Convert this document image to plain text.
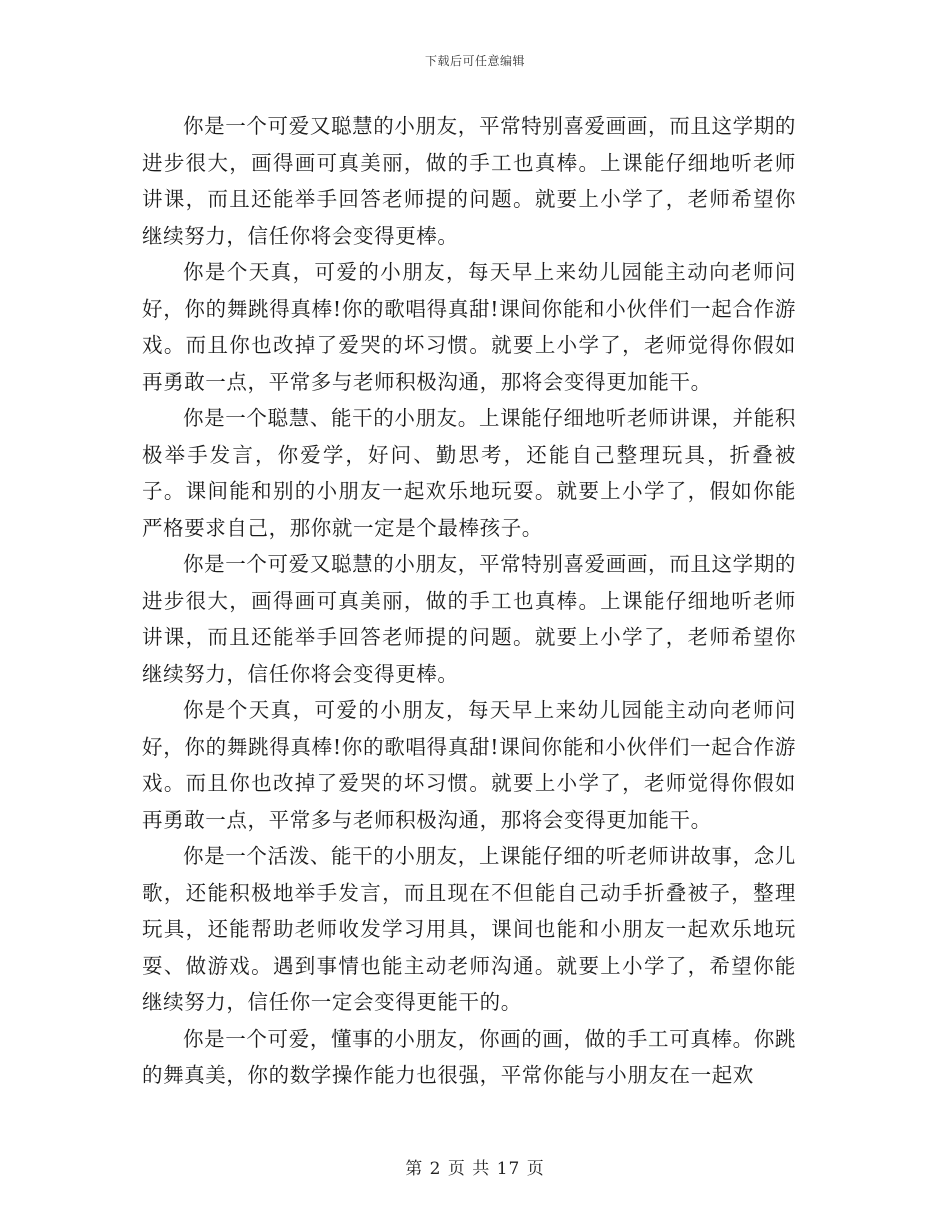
下载后可任意编辑

你是一个可爱又聪慧的小朋友，平常特别喜爱画画，而且这学期的进步很大，画得画可真美丽，做的手工也真棒。上课能仔细地听老师讲课，而且还能举手回答老师提的问题。就要上小学了，老师希望你继续努力，信任你将会变得更棒。

你是个天真，可爱的小朋友，每天早上来幼儿园能主动向老师问好，你的舞跳得真棒!你的歌唱得真甜!课间你能和小伙伴们一起合作游戏。而且你也改掉了爱哭的坏习惯。就要上小学了，老师觉得你假如再勇敢一点，平常多与老师积极沟通，那将会变得更加能干。

你是一个聪慧、能干的小朋友。上课能仔细地听老师讲课，并能积极举手发言，你爱学，好问、勤思考，还能自己整理玩具，折叠被子。课间能和别的小朋友一起欢乐地玩耍。就要上小学了，假如你能严格要求自己，那你就一定是个最棒孩子。

你是一个可爱又聪慧的小朋友，平常特别喜爱画画，而且这学期的进步很大，画得画可真美丽，做的手工也真棒。上课能仔细地听老师讲课，而且还能举手回答老师提的问题。就要上小学了，老师希望你继续努力，信任你将会变得更棒。

你是个天真，可爱的小朋友，每天早上来幼儿园能主动向老师问好，你的舞跳得真棒!你的歌唱得真甜!课间你能和小伙伴们一起合作游戏。而且你也改掉了爱哭的坏习惯。就要上小学了，老师觉得你假如再勇敢一点，平常多与老师积极沟通，那将会变得更加能干。

你是一个活泼、能干的小朋友，上课能仔细的听老师讲故事，念儿歌，还能积极地举手发言，而且现在不但能自己动手折叠被子，整理玩具，还能帮助老师收发学习用具，课间也能和小朋友一起欢乐地玩耍、做游戏。遇到事情也能主动老师沟通。就要上小学了，希望你能继续努力，信任你一定会变得更能干的。

你是一个可爱，懂事的小朋友，你画的画，做的手工可真棒。你跳的舞真美，你的数学操作能力也很强，平常你能与小朋友在一起欢

第 2 页 共 17 页
